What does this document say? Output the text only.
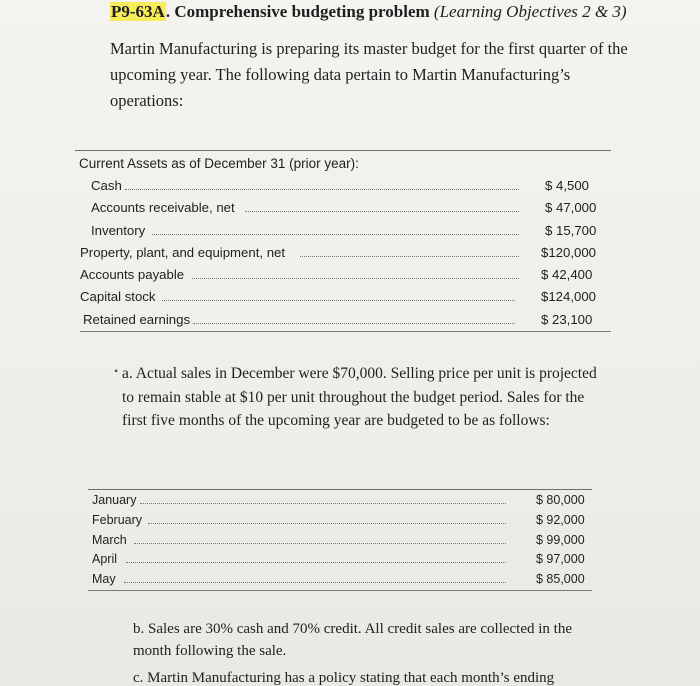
P9-63A. Comprehensive budgeting problem (Learning Objectives 2 & 3)
Martin Manufacturing is preparing its master budget for the first quarter of the upcoming year. The following data pertain to Martin Manufacturing’s operations:
Current Assets as of December 31 (prior year):
Cash	$ 4,500
Accounts receivable, net	$ 47,000
Inventory	$ 15,700
Property, plant, and equipment, net	$120,000
Accounts payable	$ 42,400
Capital stock	$124,000
Retained earnings	$ 23,100
• a. Actual sales in December were $70,000. Selling price per unit is projected to remain stable at $10 per unit throughout the budget period. Sales for the first five months of the upcoming year are budgeted to be as follows:
January	$ 80,000
February	$ 92,000
March	$ 99,000
April	$ 97,000
May	$ 85,000
b. Sales are 30% cash and 70% credit. All credit sales are collected in the month following the sale.
c. Martin Manufacturing has a policy stating that each month’s ending
